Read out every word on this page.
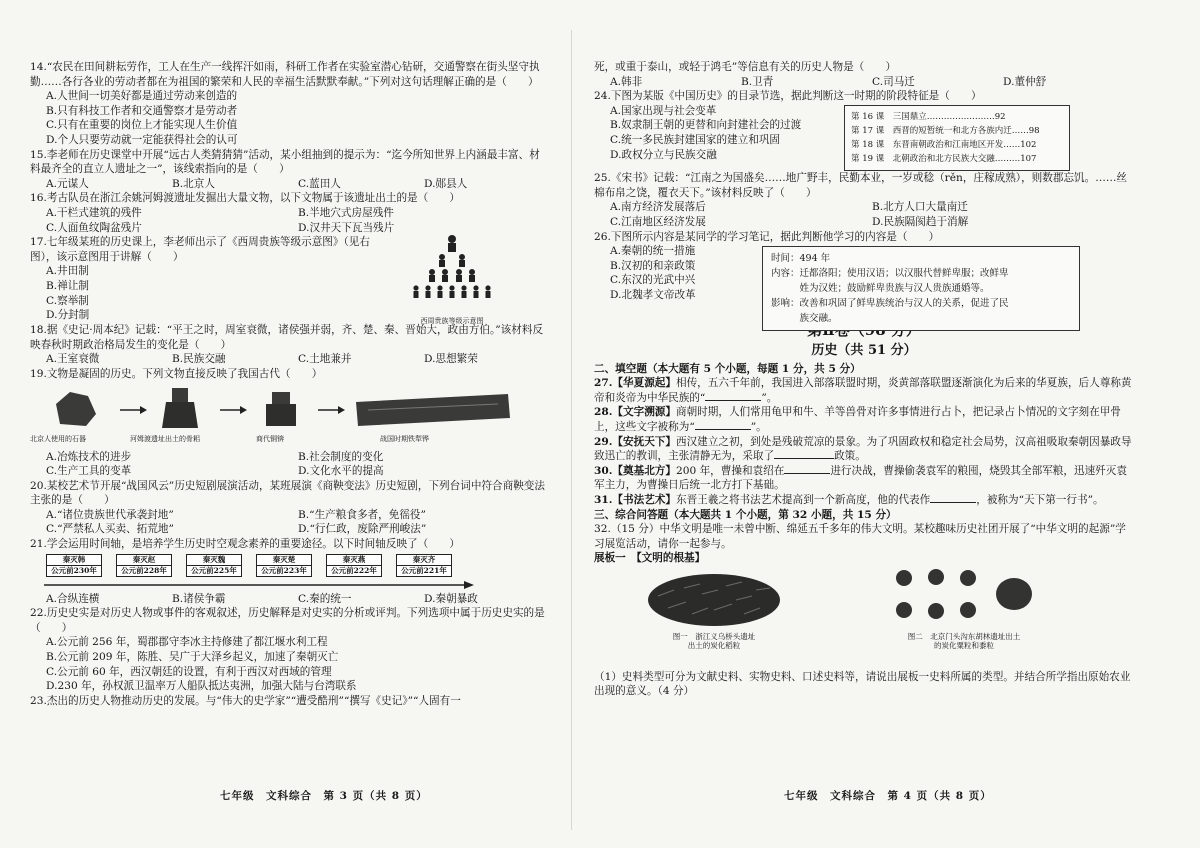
14.“农民在田间耕耘劳作，工人在生产一线挥汗如雨，科研工作者在实验室潜心钻研，交通警察在街头坚守执勤……各行各业的劳动者都在为祖国的繁荣和人民的幸福生活默默奉献。”下列对这句话理解正确的是（　　）

A.人世间一切美好都是通过劳动来创造的

B.只有科技工作者和交通警察才是劳动者

C.只有在重要的岗位上才能实现人生价值

D.个人只要劳动就一定能获得社会的认可

15.李老师在历史课堂中开展“远古人类猜猜猜”活动，某小组抽到的提示为：“迄今所知世界上内涵最丰富、材料最齐全的直立人遗址之一”，该线索指向的是（　　）

A.元谋人	B.北京人	C.蓝田人	D.郧县人

16.考古队员在浙江余姚河姆渡遗址发掘出大量文物，以下文物属于该遗址出土的是（　　）

A.干栏式建筑的残件	B.半地穴式房屋残件
C.人面鱼纹陶盆残片	D.汉井天下瓦当残片

17.七年级某班的历史课上，李老师出示了《西周贵族等级示意图》（见右图），该示意图用于讲解（　　）

A.井田制

B.禅让制

C.察举制

D.分封制

西周贵族等级示意图

18.据《史记·周本纪》记载：“平王之时，周室衰微，诸侯强并弱，齐、楚、秦、晋始大，政由方伯。”该材料反映春秋时期政治格局发生的变化是（　　）

A.王室衰微	B.民族交融	C.土地兼并	D.思想繁荣

19.文物是凝固的历史。下列文物直接反映了我国古代（　　）

北京人使用的石器	河姆渡遗址出土的骨耜	商代铜锛	战国时期铁犁铧
A.冶炼技术的进步	B.社会制度的变化
C.生产工具的变革	D.文化水平的提高

20.某校艺术节开展“战国风云”历史短剧展演活动，某班展演《商鞅变法》历史短剧，下列台词中符合商鞅变法主张的是（　　）

A.“诸位贵族世代承袭封地”	B.“生产粮食多者，免徭役”
C.“严禁私人买卖、拓荒地”	D.“行仁政，废除严刑峻法”

21.学会运用时间轴，是培养学生历史时空观念素养的重要途径。以下时间轴反映了（　　）

秦灭韩
公元前230年
秦灭赵
公元前228年
秦灭魏
公元前225年
秦灭楚
公元前223年
秦灭燕
公元前222年
秦灭齐
公元前221年
A.合纵连横	B.诸侯争霸	C.秦的统一	D.秦朝暴政

22.历史史实是对历史人物或事件的客观叙述，历史解释是对史实的分析或评判。下列选项中属于历史史实的是（　　）

A.公元前 256 年，蜀郡郡守李冰主持修建了都江堰水利工程

B.公元前 209 年，陈胜、吴广于大泽乡起义，加速了秦朝灭亡

C.公元前 60 年，西汉朝廷的设置，有利于西汉对西域的管理

D.230 年，孙权派卫温率万人船队抵达夷洲，加强大陆与台湾联系

23.杰出的历史人物推动历史的发展。与“伟大的史学家”“遭受酷刑”“撰写《史记》”“人固有一

七年级　文科综合　第 3 页（共 8 页）

死，或重于泰山，或轻于鸿毛”等信息有关的历史人物是（　　）

A.韩非	B.卫青	C.司马迁	D.董仲舒

24.下图为某版《中国历史》的目录节选，据此判断这一时期的阶段特征是（　　）

A.国家出现与社会变革

B.奴隶制王朝的更替和向封建社会的过渡

C.统一多民族封建国家的建立和巩固

D.政权分立与民族交融

第 16 课　三国鼎立……………………92
第 17 课　西晋的短暂统一和北方各族内迁……98
第 18 课　东晋南朝政治和江南地区开发……102
第 19 课　北朝政治和北方民族大交融………107

25.《宋书》记载：“江南之为国盛矣……地广野丰，民勤本业，一岁或稔（rěn，庄稼成熟），则数郡忘饥。……丝棉布帛之饶，覆衣天下。”该材料反映了（　　）

A.南方经济发展落后	B.北方人口大量南迁
C.江南地区经济发展	D.民族隔阂趋于消解

26.下图所示内容是某同学的学习笔记，据此判断他学习的内容是（　　）

A.秦朝的统一措施

B.汉初的和亲政策

C.东汉的光武中兴

D.北魏孝文帝改革

时间：494 年
内容：迁都洛阳；使用汉语；以汉服代替鲜卑服；改鲜卑
　　　姓为汉姓；鼓励鲜卑贵族与汉人贵族通婚等。
影响：改善和巩固了鲜卑族统治与汉人的关系，促进了民
　　　族交融。
历史（共 51 分）

二、填空题（本大题有 5 个小题，每题 1 分，共 5 分）

27.【华夏源起】相传，五六千年前，我国进入部落联盟时期，炎黄部落联盟逐渐演化为后来的华夏族，后人尊称黄帝和炎帝为中华民族的“	”。

28.【文字溯源】商朝时期，人们常用龟甲和牛、羊等兽骨对许多事情进行占卜，把记录占卜情况的文字刻在甲骨上，这些文字被称为“	”。

29.【安抚天下】西汉建立之初，到处是残破荒凉的景象。为了巩固政权和稳定社会局势，汉高祖吸取秦朝因暴政导致迅亡的教训，主张清静无为，采取了	政策。

30.【奠基北方】200 年，曹操和袁绍在	进行决战，曹操偷袭袁军的粮囤，烧毁其全部军粮，迅速歼灭袁军主力，为曹操日后统一北方打下基础。

31.【书法艺术】东晋王羲之将书法艺术提高到一个新高度，他的代表作	，被称为“天下第一行书”。

三、综合问答题（本大题共 1 个小题，第 32 小题，共 15 分）

32.（15 分）中华文明是唯一未曾中断、绵延五千多年的伟大文明。某校趣味历史社团开展了“中华文明的起源”学习展览活动，请你一起参与。

展板一　【文明的根基】

图一　浙江义乌桥头遗址
出土的炭化稻粒
图二　北京门头沟东胡林遗址出土
的炭化粟粒和黍粒

（1）史料类型可分为文献史料、实物史料、口述史料等，请说出展板一史料所属的类型。并结合所学指出原始农业出现的意义。（4 分）

七年级　文科综合　第 4 页（共 8 页）
